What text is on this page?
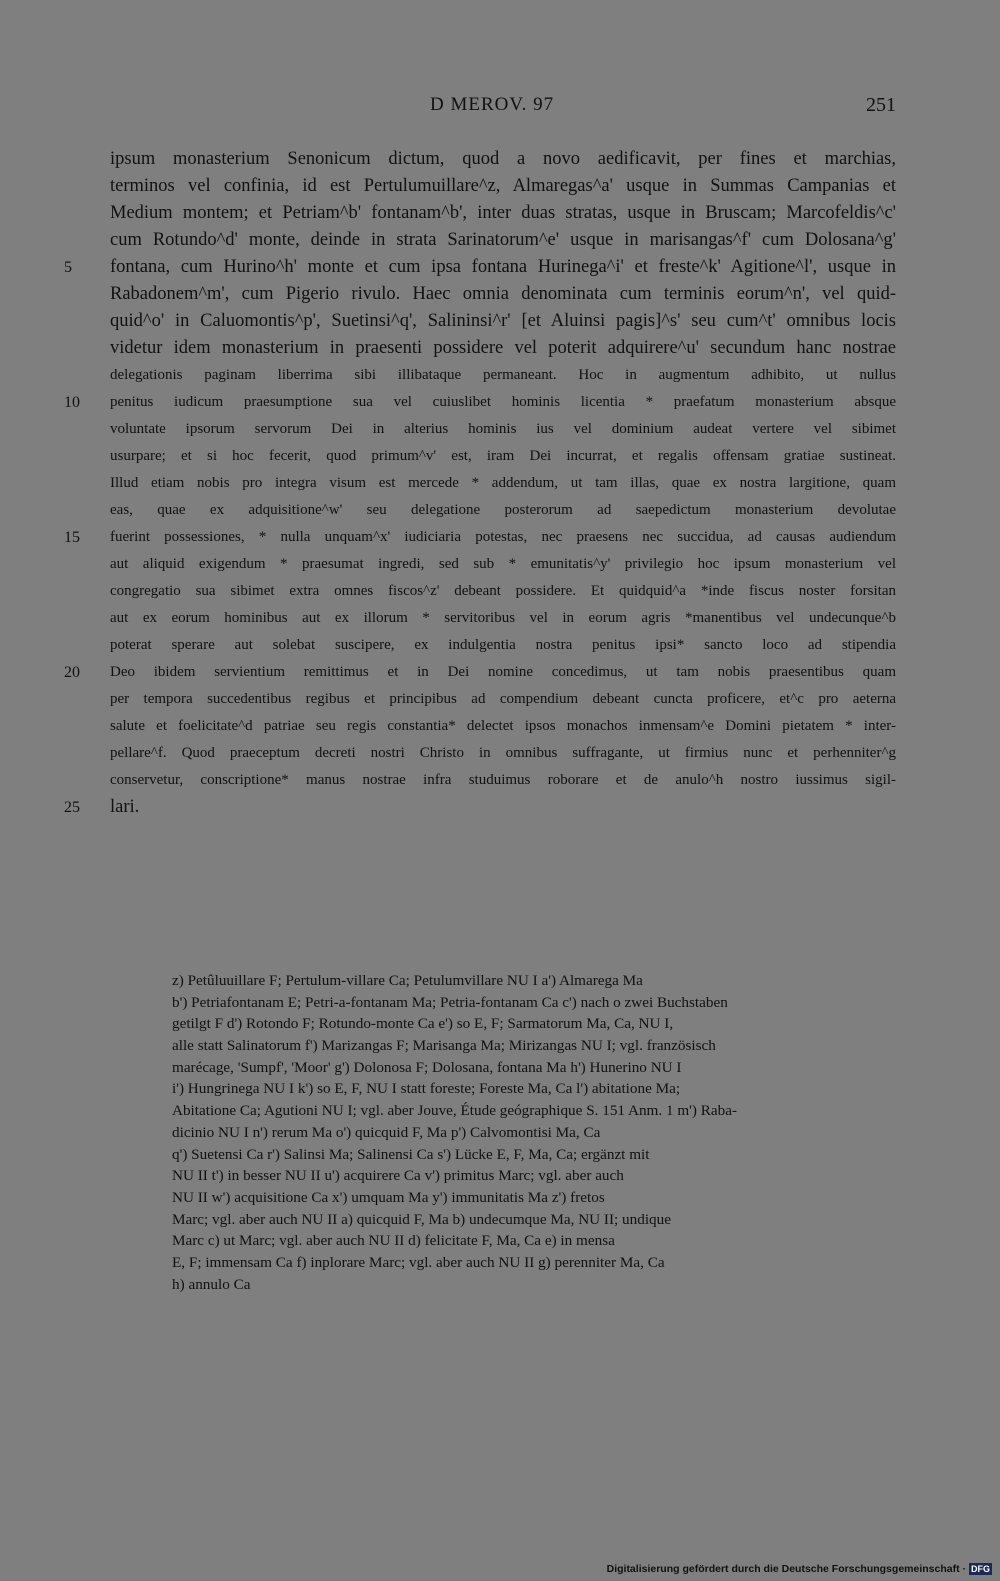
D MEROV. 97	251
5
10
15
20
25
ipsum monasterium Senonicum dictum, quod a novo aedificavit, per fines et marchias,
terminos vel confinia, id est Pertulumuillare^z, Almaregas^a' usque in Summas Campanias et
Medium montem; et Petriam^b' fontanam^b', inter duas stratas, usque in Bruscam; Marcofeldis^c'
cum Rotundo^d' monte, deinde in strata Sarinatorum^e' usque in marisangas^f' cum Dolosana^g'
fontana, cum Hurino^h' monte et cum ipsa fontana Hurinega^i' et freste^k' Agitione^l', usque in
Rabadonem^m', cum Pigerio rivulo. Haec omnia denominata cum terminis eorum^n', vel quid-
quid^o' in Caluomontis^p', Suetinsi^q', Salininsi^r' [et Aluinsi pagis]^s' seu cum^t' omnibus locis
videtur idem monasterium in praesenti possidere vel poterit adquirere^u' secundum hanc nostrae
delegationis paginam liberrima sibi illibataque permaneant. Hoc in augmentum adhibito, ut nullus
penitus iudicum praesumptione sua vel cuiuslibet hominis licentia * praefatum monasterium absque
voluntate ipsorum servorum Dei in alterius hominis ius vel dominium audeat vertere vel sibimet
usurpare; et si hoc fecerit, quod primum^v' est, iram Dei incurrat, et regalis offensam gratiae sustineat.
Illud etiam nobis pro integra visum est mercede * addendum, ut tam illas, quae ex nostra largitione, quam
eas, quae ex adquisitione^w' seu delegatione posterorum ad saepedictum monasterium devolutae
fuerint possessiones, * nulla unquam^x' iudiciaria potestas, nec praesens nec succidua, ad causas audiendum
aut aliquid exigendum * praesumat ingredi, sed sub * emunitatis^y' privilegio hoc ipsum monasterium vel
congregatio sua sibimet extra omnes fiscos^z' debeant possidere. Et quidquid^a *inde fiscus noster forsitan
aut ex eorum hominibus aut ex illorum * servitoribus vel in eorum agris *manentibus vel undecunque^b
poterat sperare aut solebat suscipere, ex indulgentia nostra penitus ipsi* sancto loco ad stipendia
Deo ibidem servientium remittimus et in Dei nomine concedimus, ut tam nobis praesentibus quam
per tempora succedentibus regibus et principibus ad compendium debeant cuncta proficere, et^c pro aeterna
salute et foelicitate^d patriae seu regis constantia* delectet ipsos monachos inmensam^e Domini pietatem * inter-
pellare^f. Quod praeceptum decreti nostri Christo in omnibus suffragante, ut firmius nunc et perhenniter^g
conservetur, conscriptione* manus nostrae infra studuimus roborare et de anulo^h nostro iussimus sigil-
lari.
z) Petûluuillare F; Pertulum-villare Ca; Petulumvillare NU I a') Almarega Ma
b') Petriafontanam E; Petri-a-fontanam Ma; Petria-fontanam Ca c') nach o zwei Buchstaben
getilgt F d') Rotondo F; Rotundo-monte Ca e') so E, F; Sarmatorum Ma, Ca, NU I,
alle statt Salinatorum f') Marizangas F; Marisanga Ma; Mirizangas NU I; vgl. französisch
marécage, 'Sumpf', 'Moor' g') Dolonosa F; Dolosana, fontana Ma h') Hunerino NU I
i') Hungrinega NU I k') so E, F, NU I statt foreste; Foreste Ma, Ca l') abitatione Ma;
Abitatione Ca; Agutioni NU I; vgl. aber Jouve, Étude geógraphique S. 151 Anm. 1 m') Raba-
dicinio NU I n') rerum Ma o') quicquid F, Ma p') Calvomontisi Ma, Ca
q') Suetensi Ca r') Salinsi Ma; Salinensi Ca s') Lücke E, F, Ma, Ca; ergänzt mit
NU II t') in besser NU II u') acquirere Ca v') primitus Marc; vgl. aber auch
NU II w') acquisitione Ca x') umquam Ma y') immunitatis Ma z') fretos
Marc; vgl. aber auch NU II a) quicquid F, Ma b) undecumque Ma, NU II; undique
Marc c) ut Marc; vgl. aber auch NU II d) felicitate F, Ma, Ca e) in mensa
E, F; immensam Ca f) inplorare Marc; vgl. aber auch NU II g) perenniter Ma, Ca
h) annulo Ca
Digitalisierung gefördert durch die Deutsche Forschungsgemeinschaft · DFG
